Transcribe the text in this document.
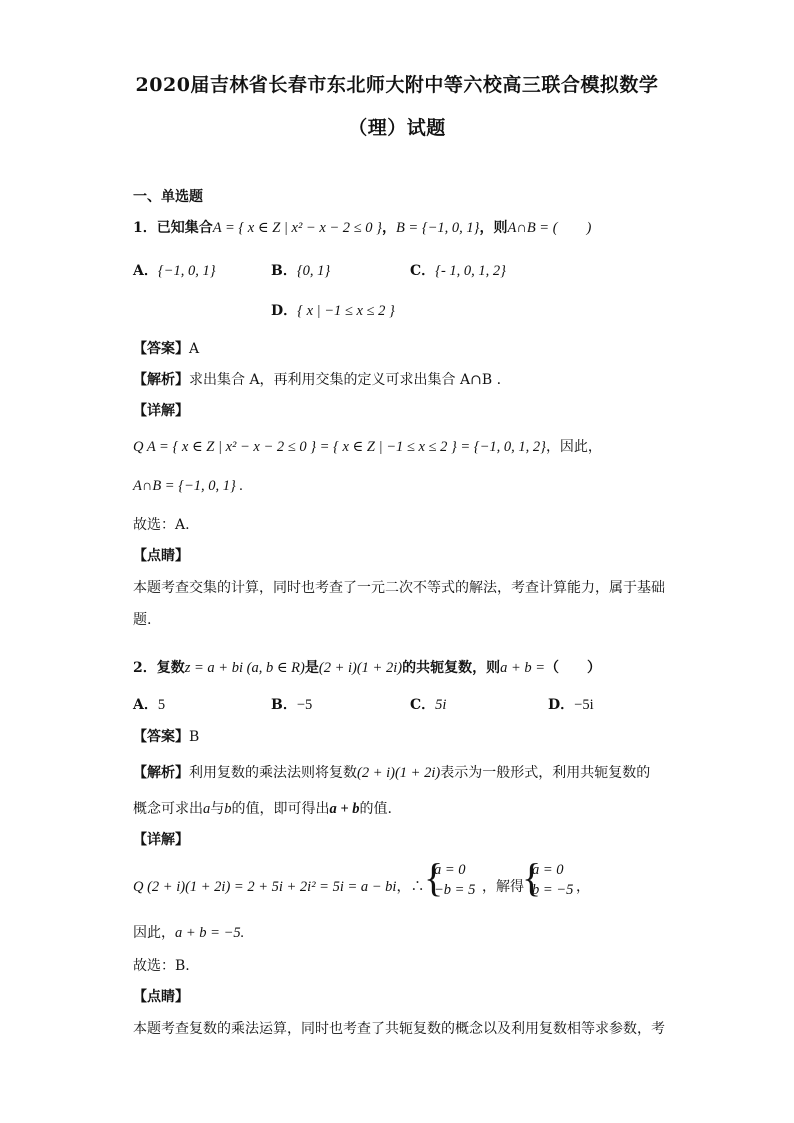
2020届吉林省长春市东北师大附中等六校高三联合模拟数学
（理）试题
一、单选题
1．已知集合A = { x ∈ Z | x² − x − 2 ≤ 0 }，B = {−1, 0, 1}，则A∩B = (　　)
A．{−1, 0, 1}	B．{0, 1}	C．{- 1, 0, 1, 2}
D．{ x | −1 ≤ x ≤ 2 }
【答案】A
【解析】求出集合 A，再利用交集的定义可求出集合 A∩B .
【详解】
Q A = { x ∈ Z | x² − x − 2 ≤ 0 } = { x ∈ Z | −1 ≤ x ≤ 2 } = {−1, 0, 1, 2}，因此，
A∩B = {−1, 0, 1} .
故选：A.
【点睛】
本题考查交集的计算，同时也考查了一元二次不等式的解法，考查计算能力，属于基础
题.
2．复数z = a + bi (a, b ∈ R)是(2 + i)(1 + 2i)的共轭复数，则a + b =（　　）
A．5	B．−5	C．5i	D．−5i
【答案】B
【解析】利用复数的乘法法则将复数(2 + i)(1 + 2i)表示为一般形式，利用共轭复数的
概念可求出a与b的值，即可得出a + b的值.
【详解】
Q (2 + i)(1 + 2i) = 2 + 5i + 2i² = 5i = a − bi，∴ {
a = 0
−b = 5 ，解得
{
a = 0
b = −5 ，
因此，a + b = −5.
故选：B.
【点睛】
本题考查复数的乘法运算，同时也考查了共轭复数的概念以及利用复数相等求参数，考
